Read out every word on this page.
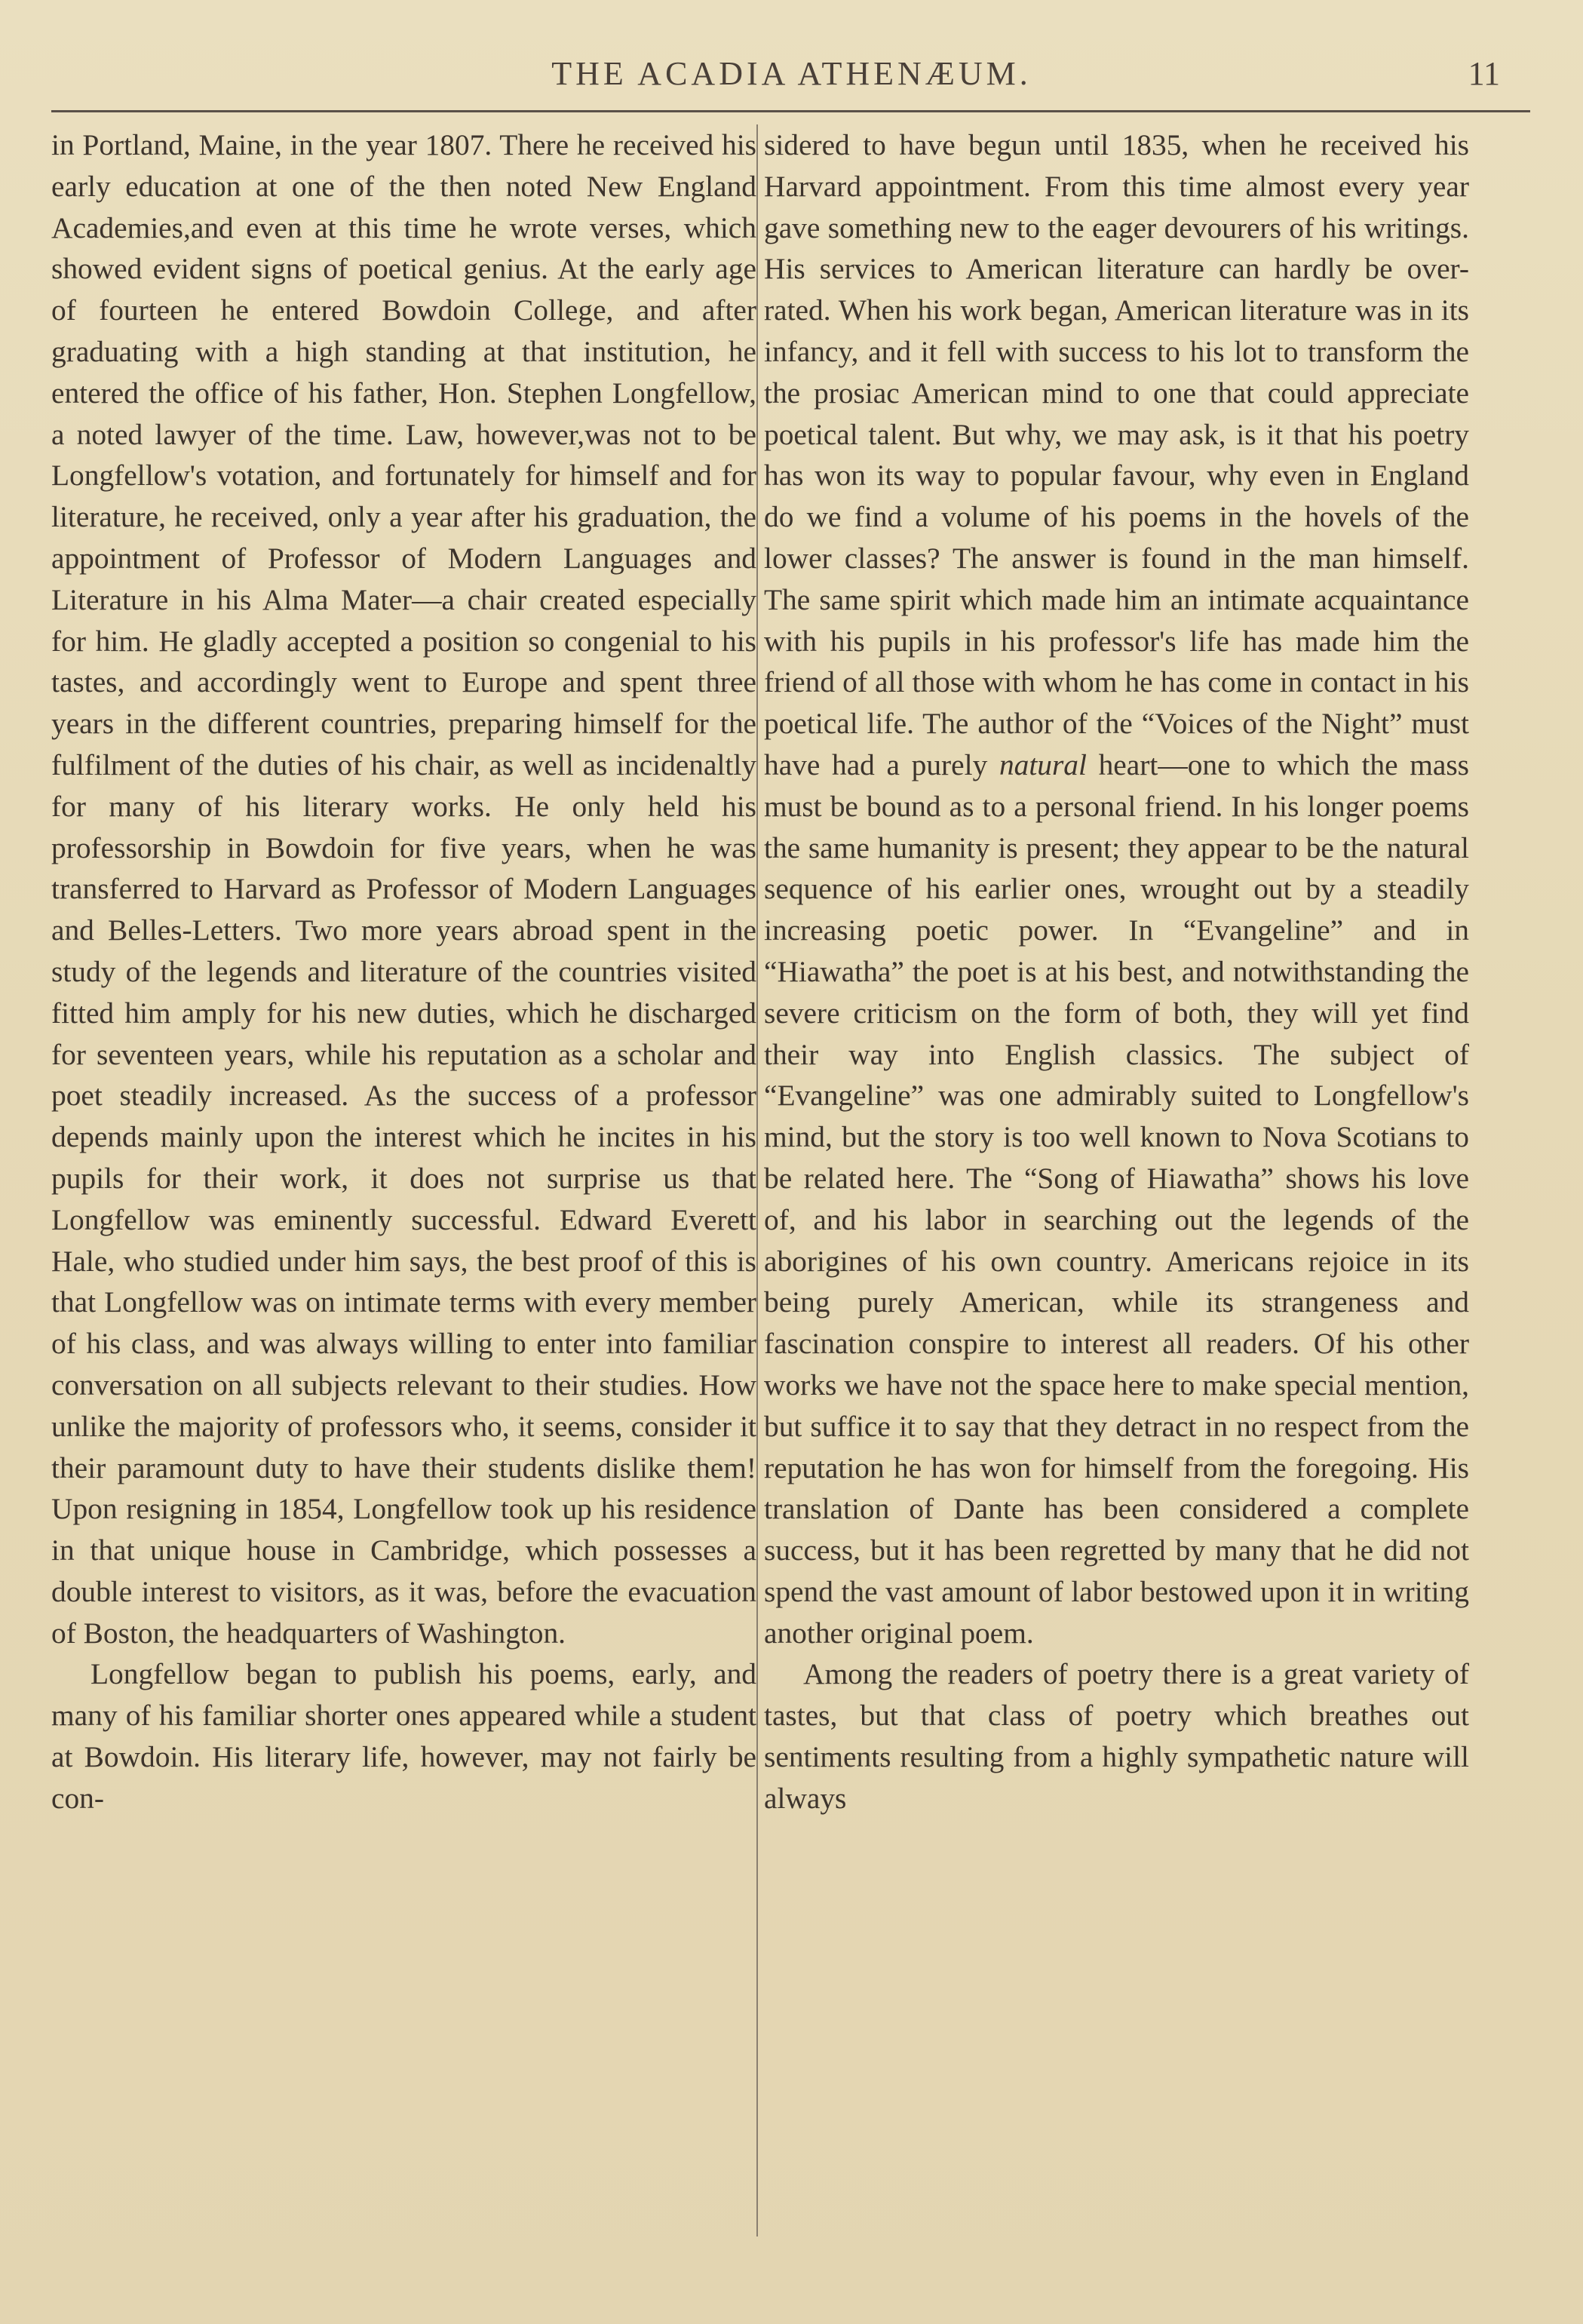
THE ACADIA ATHENÆUM.	11

in Portland, Maine, in the year 1807. There he received his early education at one of the then noted New England Academies,and even at this time he wrote verses, which showed evident signs of poetical genius. At the early age of fourteen he entered Bowdoin College, and after graduating with a high standing at that institution, he entered the office of his father, Hon. Stephen Longfellow, a noted lawyer of the time. Law, however,was not to be Longfellow's votation, and fortunately for himself and for literature, he received, only a year after his graduation, the appointment of Professor of Modern Languages and Literature in his Alma Mater—a chair created especially for him. He gladly accepted a position so congenial to his tastes, and accordingly went to Europe and spent three years in the different countries, preparing himself for the fulfilment of the duties of his chair, as well as incidenaltly for many of his literary works. He only held his professorship in Bowdoin for five years, when he was transferred to Harvard as Professor of Modern Languages and Belles-Letters. Two more years abroad spent in the study of the legends and literature of the countries visited fitted him amply for his new duties, which he discharged for seventeen years, while his reputation as a scholar and poet steadily increased. As the success of a professor depends mainly upon the interest which he incites in his pupils for their work, it does not surprise us that Longfellow was eminently successful. Edward Everett Hale, who studied under him says, the best proof of this is that Longfellow was on intimate terms with every member of his class, and was always willing to enter into familiar conversation on all subjects relevant to their studies. How unlike the majority of professors who, it seems, consider it their paramount duty to have their students dislike them! Upon resigning in 1854, Longfellow took up his residence in that unique house in Cambridge, which possesses a double interest to visitors, as it was, before the evacuation of Boston, the headquarters of Washington.

Longfellow began to publish his poems, early, and many of his familiar shorter ones appeared while a student at Bowdoin. His literary life, however, may not fairly be con-

sidered to have begun until 1835, when he received his Harvard appointment. From this time almost every year gave something new to the eager devourers of his writings. His services to American literature can hardly be over-rated. When his work began, American literature was in its infancy, and it fell with success to his lot to transform the the prosiac American mind to one that could appreciate poetical talent. But why, we may ask, is it that his poetry has won its way to popular favour, why even in England do we find a volume of his poems in the hovels of the lower classes? The answer is found in the man himself. The same spirit which made him an intimate acquaintance with his pupils in his professor's life has made him the friend of all those with whom he has come in contact in his poetical life. The author of the “Voices of the Night” must have had a purely natural heart—one to which the mass must be bound as to a personal friend. In his longer poems the same humanity is present; they appear to be the natural sequence of his earlier ones, wrought out by a steadily increasing poetic power. In “Evangeline” and in “Hiawatha” the poet is at his best, and notwithstanding the severe criticism on the form of both, they will yet find their way into English classics. The subject of “Evangeline” was one admirably suited to Longfellow's mind, but the story is too well known to Nova Scotians to be related here. The “Song of Hiawatha” shows his love of, and his labor in searching out the legends of the aborigines of his own country. Americans rejoice in its being purely American, while its strangeness and fascination conspire to interest all readers. Of his other works we have not the space here to make special mention, but suffice it to say that they detract in no respect from the reputation he has won for himself from the foregoing. His translation of Dante has been considered a complete success, but it has been regretted by many that he did not spend the vast amount of labor bestowed upon it in writing another original poem.

Among the readers of poetry there is a great variety of tastes, but that class of poetry which breathes out sentiments resulting from a highly sympathetic nature will always
